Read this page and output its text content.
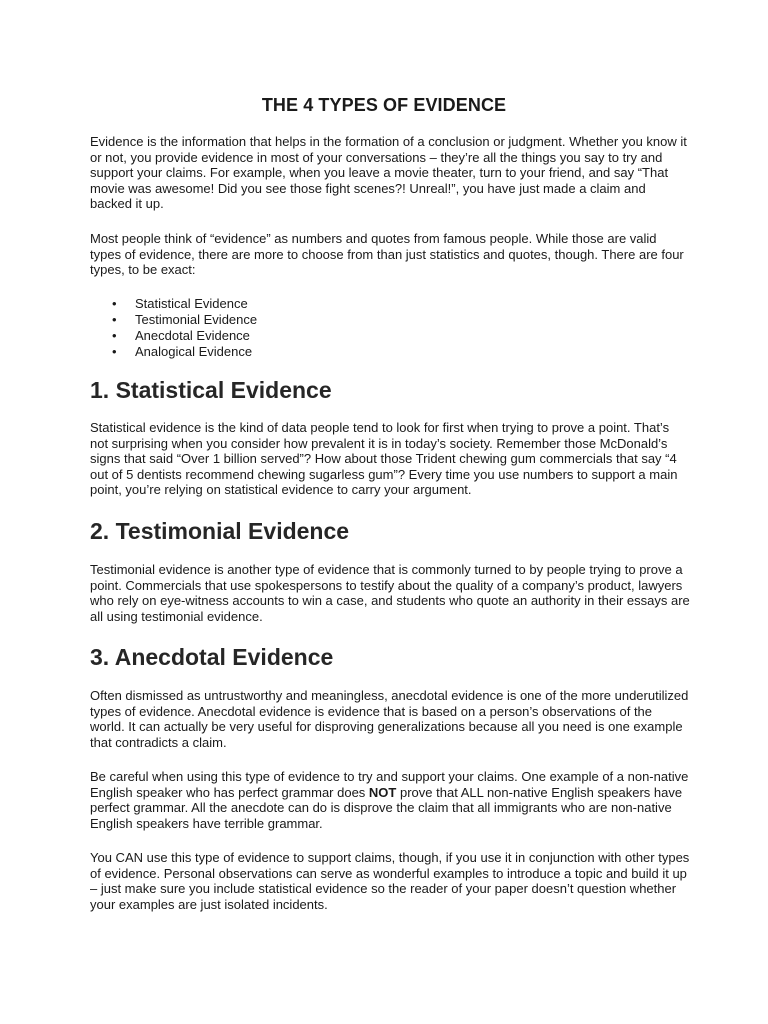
THE 4 TYPES OF EVIDENCE

Evidence is the information that helps in the formation of a conclusion or judgment. Whether you know it or not, you provide evidence in most of your conversations – they’re all the things you say to try and support your claims. For example, when you leave a movie theater, turn to your friend, and say “That movie was awesome! Did you see those fight scenes?! Unreal!”, you have just made a claim and backed it up.

Most people think of “evidence” as numbers and quotes from famous people. While those are valid types of evidence, there are more to choose from than just statistics and quotes, though. There are four types, to be exact:

• Statistical Evidence
• Testimonial Evidence
• Anecdotal Evidence
• Analogical Evidence
1. Statistical Evidence

Statistical evidence is the kind of data people tend to look for first when trying to prove a point. That’s not surprising when you consider how prevalent it is in today’s society. Remember those McDonald’s signs that said “Over 1 billion served”? How about those Trident chewing gum commercials that say “4 out of 5 dentists recommend chewing sugarless gum”? Every time you use numbers to support a main point, you’re relying on statistical evidence to carry your argument.

2. Testimonial Evidence

Testimonial evidence is another type of evidence that is commonly turned to by people trying to prove a point. Commercials that use spokespersons to testify about the quality of a company’s product, lawyers who rely on eye-witness accounts to win a case, and students who quote an authority in their essays are all using testimonial evidence.

3. Anecdotal Evidence

Often dismissed as untrustworthy and meaningless, anecdotal evidence is one of the more underutilized types of evidence. Anecdotal evidence is evidence that is based on a person’s observations of the world. It can actually be very useful for disproving generalizations because all you need is one example that contradicts a claim.

Be careful when using this type of evidence to try and support your claims. One example of a non-native English speaker who has perfect grammar does NOT prove that ALL non-native English speakers have perfect grammar. All the anecdote can do is disprove the claim that all immigrants who are non-native English speakers have terrible grammar.

You CAN use this type of evidence to support claims, though, if you use it in conjunction with other types of evidence. Personal observations can serve as wonderful examples to introduce a topic and build it up – just make sure you include statistical evidence so the reader of your paper doesn’t question whether your examples are just isolated incidents.
